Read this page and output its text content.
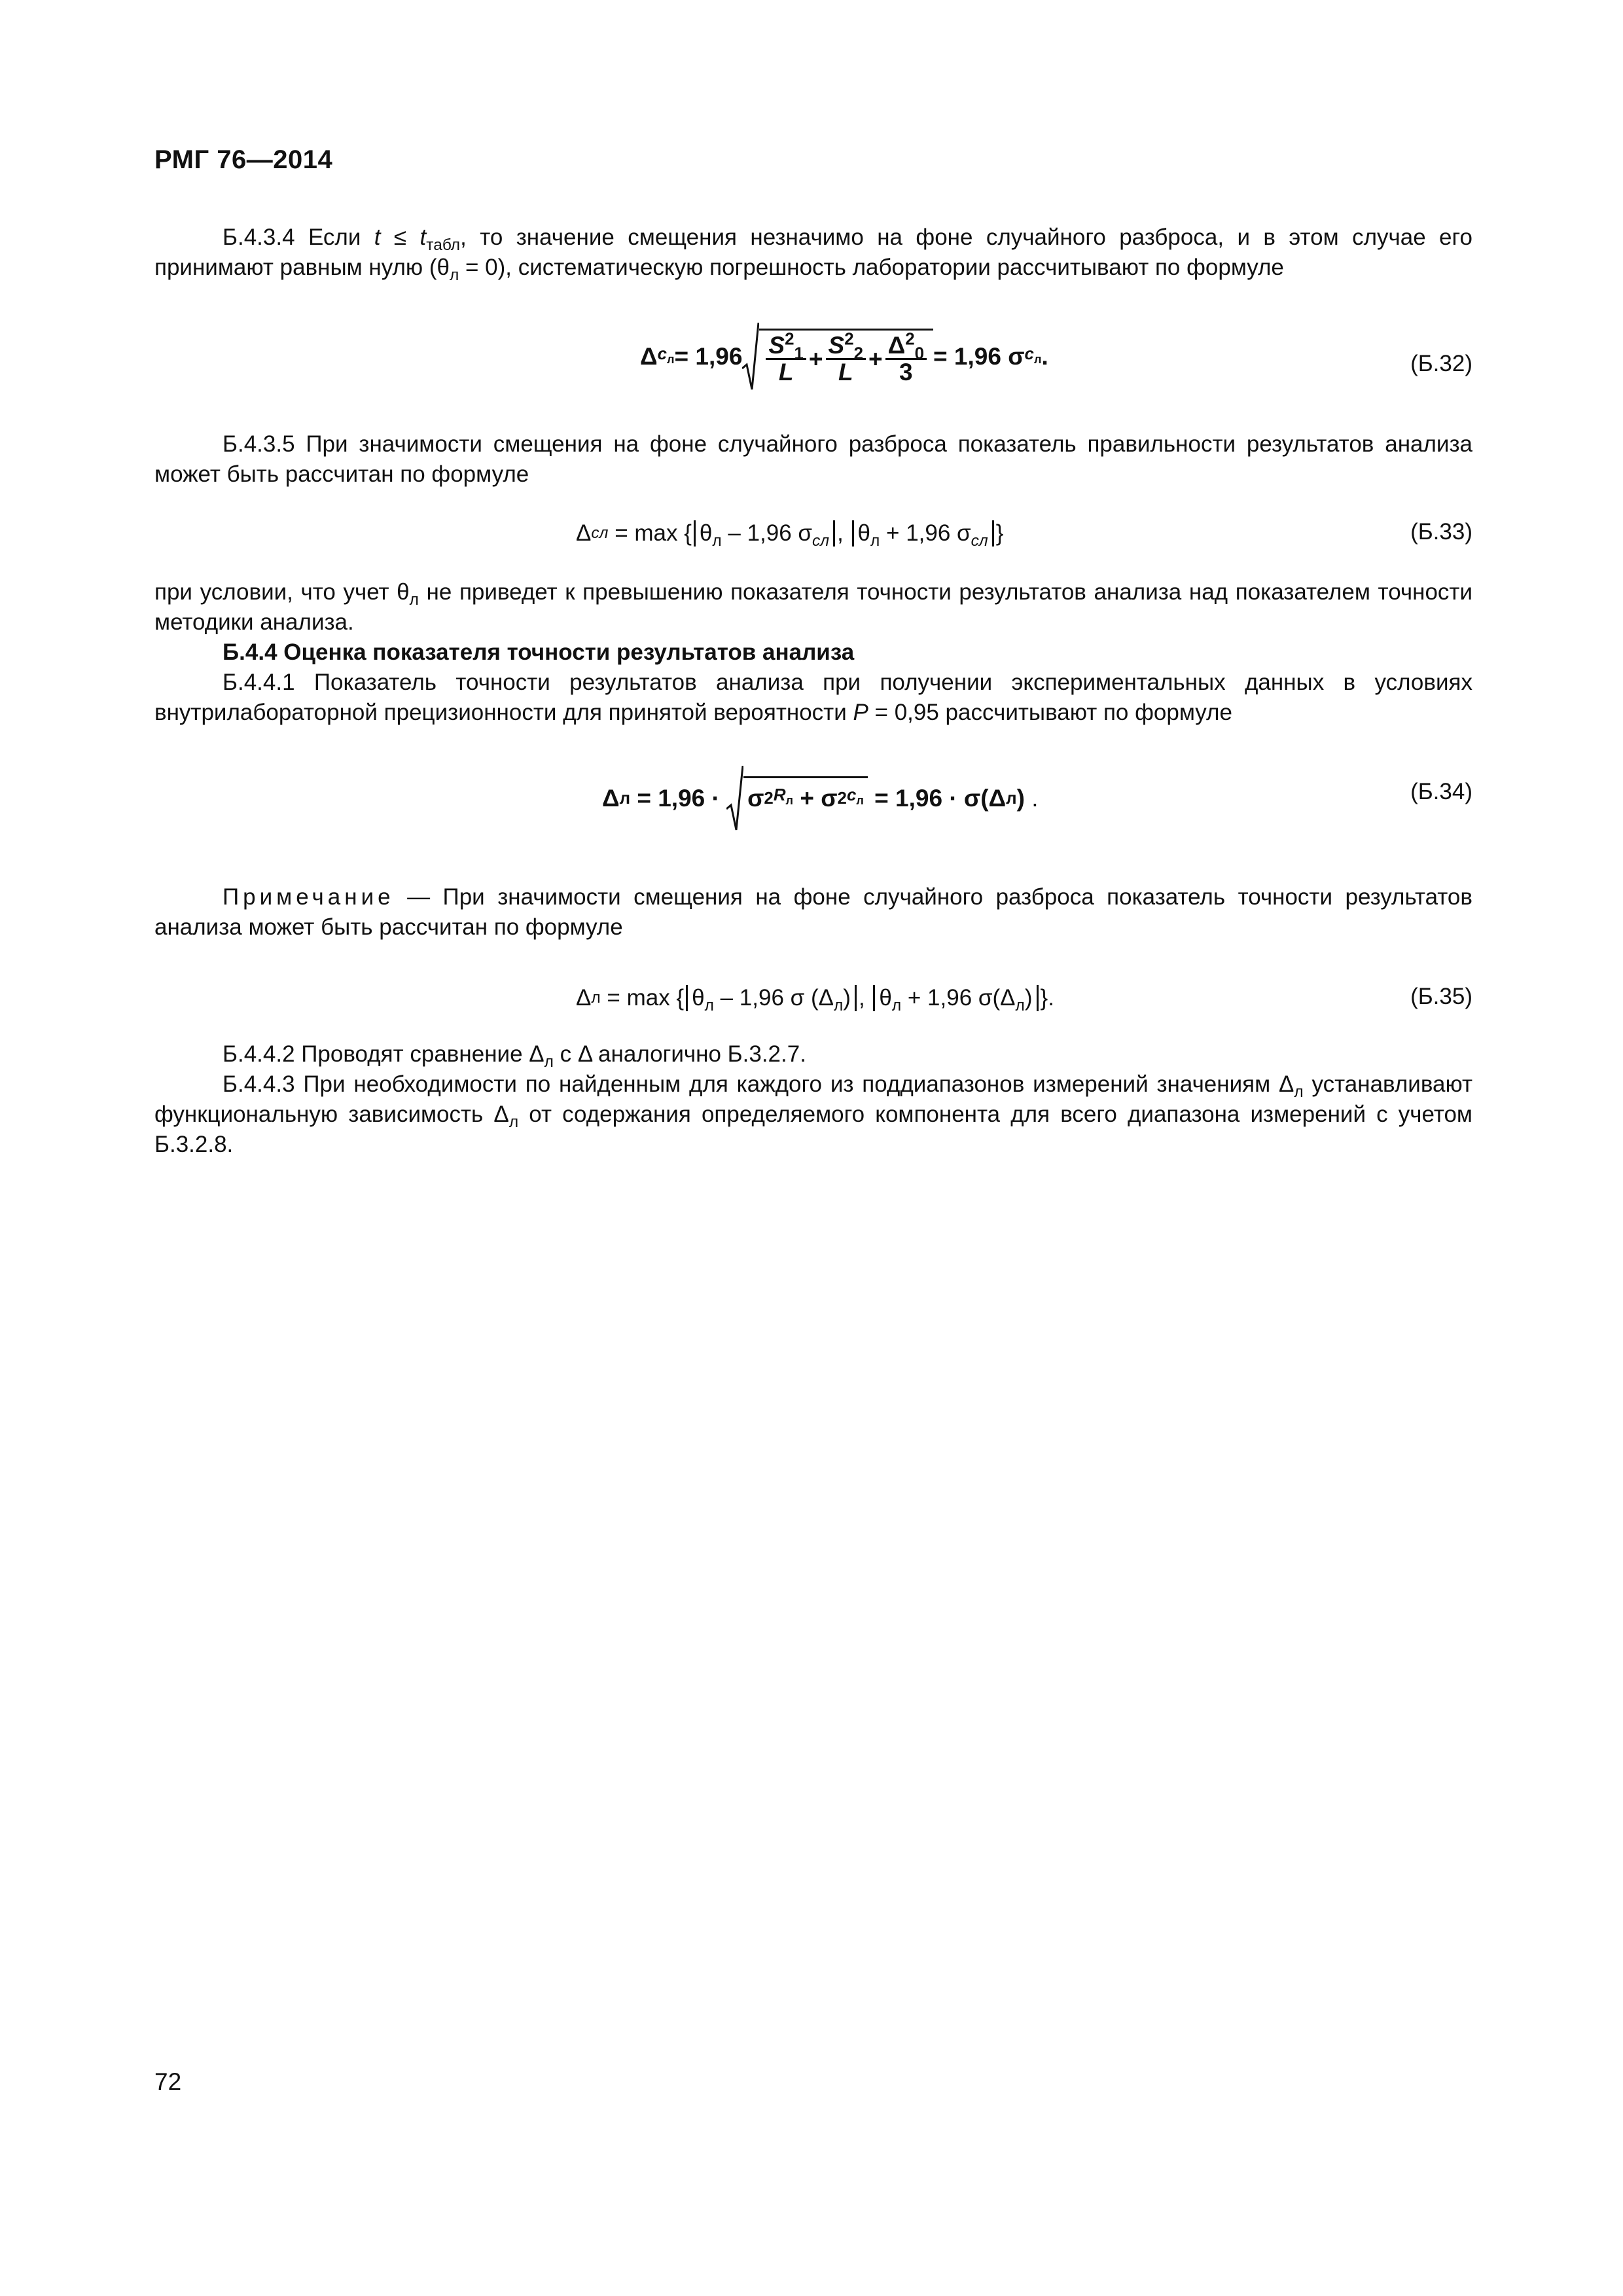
РМГ 76—2014
Б.4.3.4 Если $t \le t_{табл}$, то значение смещения незначимо на фоне случайного разброса, и в этом случае его принимают равным нулю $(\theta_л = 0)$, систематическую погрешность лаборатории рассчитывают по формуле
Δ $с_л = 1,96 \frac{S^2_1}{L} + \frac{S^2_2}{L} + \frac{\Delta^2_0}{3} = 1,96$ σ $с_л$ .	(Б.32)
Б.4.3.5 При значимости смещения на фоне случайного разброса показатель правильности результатов анализа может быть рассчитан по формуле
Δ сл = max { $\theta_л - 1,96$ $\sigma_{сл}$ , $\theta_л + 1,96$ $\sigma_{сл}$ }	(Б.33)
при условии, что учет $\theta_л$ не приведет к превышению показателя точности результатов анализа над показателем точности методики анализа.
Б.4.4 Оценка показателя точности результатов анализа
Б.4.4.1 Показатель точности результатов анализа при получении экспериментальных данных в условиях внутрилабораторной прецизионности для принятой вероятности P = 0,95 рассчитывают по формуле
Δ л = 1,96 · σ 2 $R_л + \sigma$ 2 $с_л = 1,96 \cdot \sigma(\Delta$ л ) .	(Б.34)
Примечание — При значимости смещения на фоне случайного разброса показатель точности результатов анализа может быть рассчитан по формуле
Δ л = max { $\theta_л - 1,96$ σ $(\Delta_л)$ , $\theta_л + 1,96$ $\sigma(\Delta_л)$ }.	(Б.35)
Б.4.4.2 Проводят сравнение $\Delta_л$ с Δ аналогично Б.3.2.7.
Б.4.4.3 При необходимости по найденным для каждого из поддиапазонов измерений значениям $\Delta_л$ устанавливают функциональную зависимость $\Delta_л$ от содержания определяемого компонента для всего диапазона измерений с учетом Б.3.2.8.
72
